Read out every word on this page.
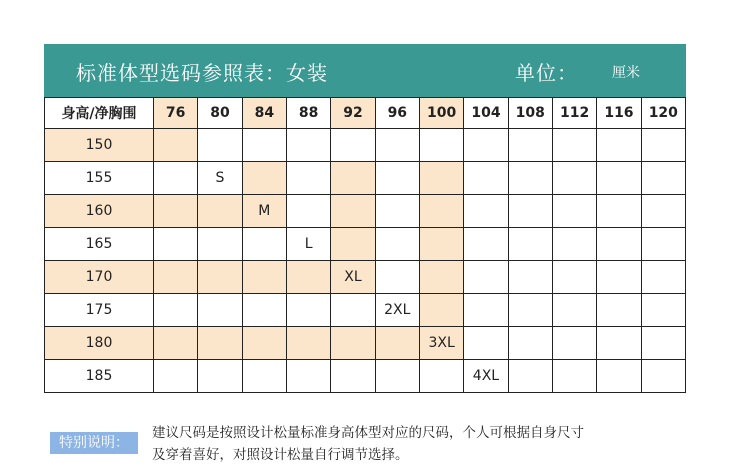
标准体型选码参照表：女装	单位： 厘米
身高/净胸围	76	80	84	88	92	96	100	104	108	112	116	120
150												
155		S										
160			M									
165				L								
170					XL							
175						2XL						
180							3XL					
185								4XL				
特别说明：
建议尺码是按照设计松量标准身高体型对应的尺码，个人可根据自身尺寸
及穿着喜好，对照设计松量自行调节选择。
